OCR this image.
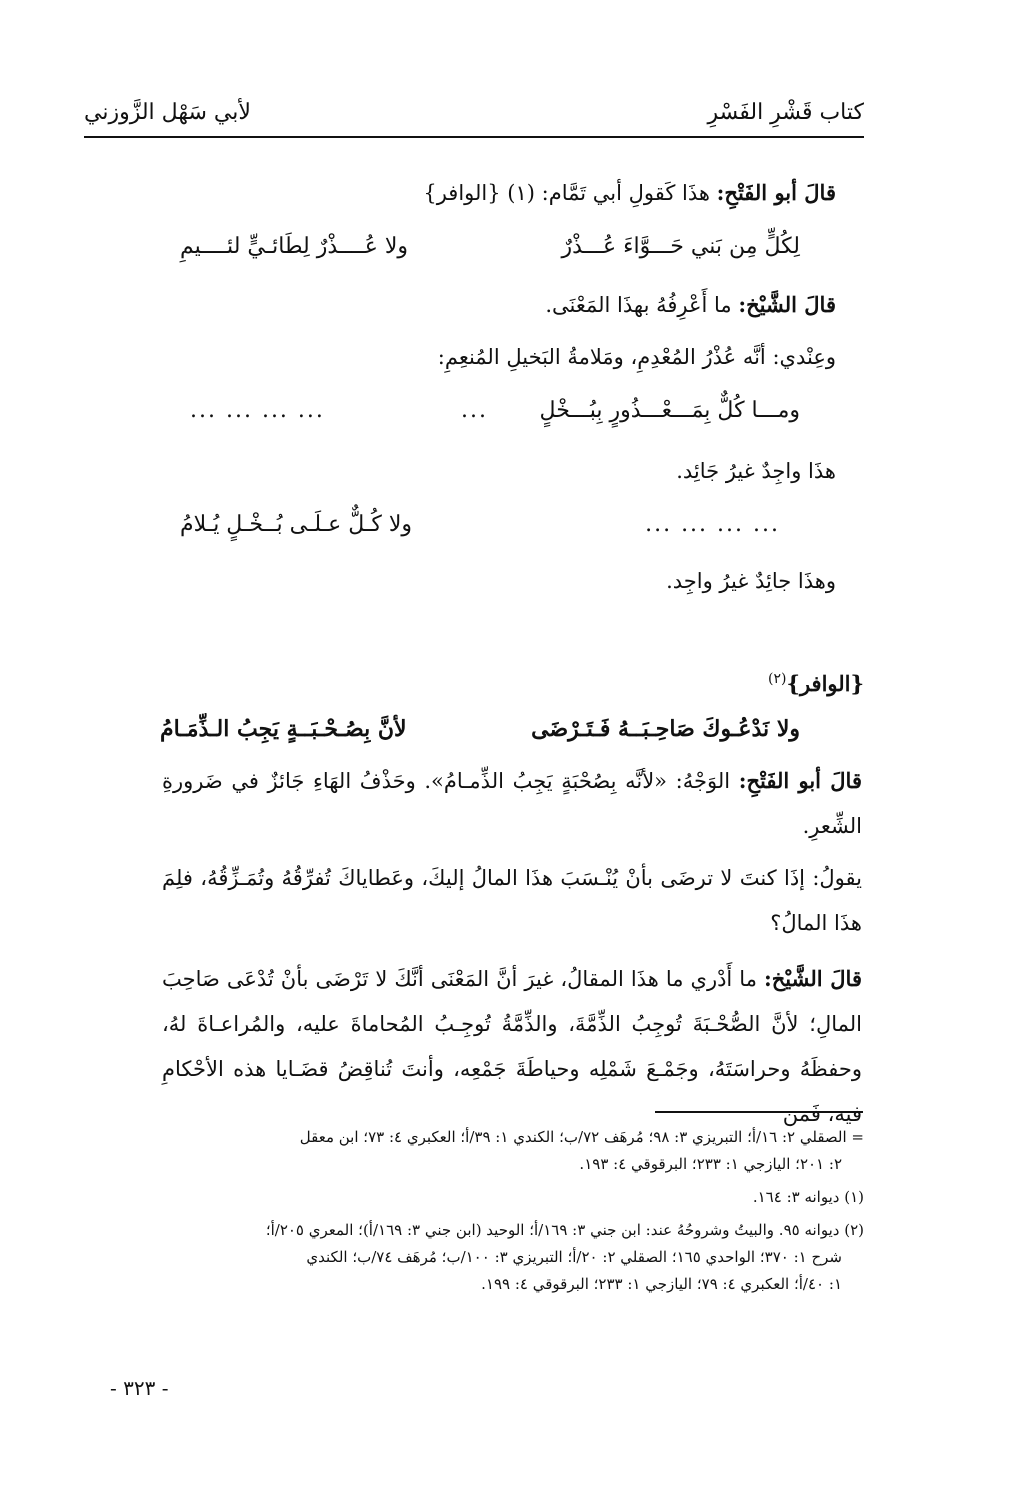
كتاب قَشْرِ الفَسْرِ
لأبي سَهْل الزَّوزني
قالَ أبو الفَتْحِ: هذَا كَقولِ أبي تَمَّام: (١) {الوافر}
لِكُلٍّ مِن بَني حَـــوَّاءَ عُـــذْرٌ
ولا عُــــذْرٌ لِطَائـيٍّ لئــــيمِ
قالَ الشَّيْخ: ما أَعْرِفُهُ بهذَا المَعْنَى.
وعِنْدي: أنَّه عُذْرُ المُعْدِمِ، ومَلامةُ البَخيلِ المُنعِمِ:
ومـــا كُلٌّ بِمَـــعْـــذُورٍ بِبُـــخْلٍ
...
... ... ... ...
هذَا واجِدٌ غيرُ جَائِد.
... ... ... ...
ولا كُـلٌّ عـلَـى بُــخْـلٍ يُـلامُ
وهذَا جائِدٌ غيرُ واجِد.
{الوافر}$^{(٢)}$
ولا نَدْعُـوكَ صَاحِـبَــهُ فَـتَـرْضَى
لأنَّ بِصُـحْـبَــةٍ يَجِبُ الـذِّمَـامُ
قالَ أبو الفَتْحِ: الوَجْهُ: «لأنَّه بِصُحْبَةٍ يَجِبُ الذِّمـامُ». وحَذْفُ الهَاءِ جَائزٌ في ضَرورةِ الشِّعرِ.
يقولُ: إذَا كنتَ لا ترضَى بأنْ يُنْـسَبَ هذَا المالُ إليكَ، وعَطاياكَ تُفرِّقُهُ وتُمَـزِّقُهُ، فلِمَ هذَا المالُ؟
قالَ الشَّيْخ: ما أَدْري ما هذَا المقالُ، غيرَ أنَّ المَعْنَى أنَّكَ لا تَرْضَى بأنْ تُدْعَى صَاحِبَ المالِ؛ لأنَّ الصُّحْـبَةَ تُوجِبُ الذِّمَّةَ، والذِّمَّةُ تُوجِـبُ المُحاماةَ عليه، والمُراعـاةَ لهُ، وحفظَهُ وحراسَتَهُ، وجَمْـعَ شَمْلِه وحياطَةَ جَمْعِه، وأنتَ تُناقِضُ قضَـايا هذه الأحْكامِ فيه، فَمن
= الصقلي ٢: ١٦/أ؛ التبريزي ٣: ٩٨؛ مُرهَف ٧٢/ب؛ الكندي ١: ٣٩/أ؛ العكبري ٤: ٧٣؛ ابن معقل
٢: ٢٠١؛ اليازجي ١: ٢٣٣؛ البرقوقي ٤: ١٩٣.
(١) ديوانه ٣: ١٦٤.
(٢) ديوانه ٩٥. والبيتُ وشروحُهُ عند: ابن جني ٣: ١٦٩/أ؛ الوحيد (ابن جني ٣: ١٦٩/أ)؛ المعري ٢٠٥/أ؛
شرح ١: ٣٧٠؛ الواحدي ١٦٥؛ الصقلي ٢: ٢٠/أ؛ التبريزي ٣: ١٠٠/ب؛ مُرهَف ٧٤/ب؛ الكندي
١: ٤٠/أ؛ العكبري ٤: ٧٩؛ اليازجي ١: ٢٣٣؛ البرقوقي ٤: ١٩٩.
- ٣٢٣ -
